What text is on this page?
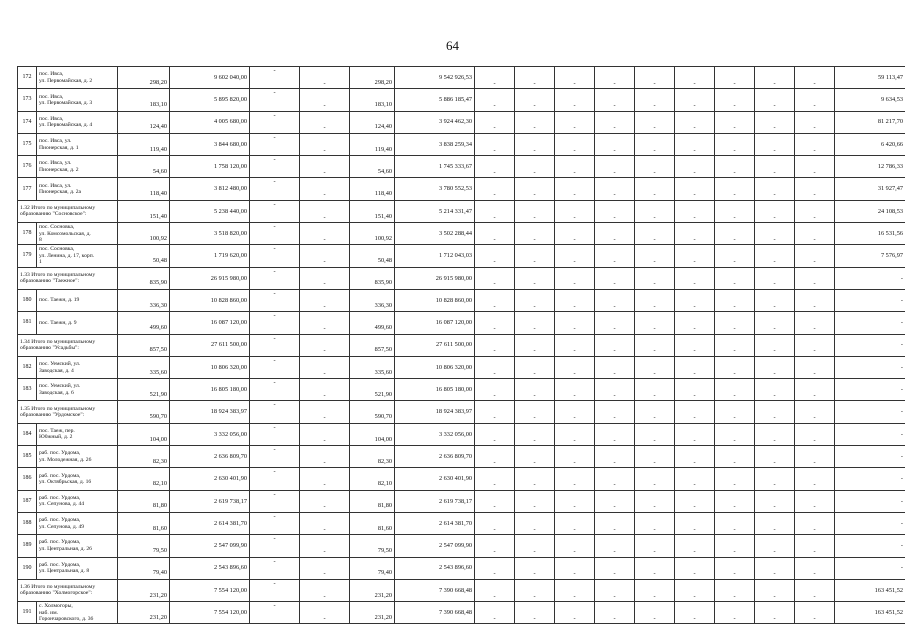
64
172	пос. Ивса,
ул. Первомайская, д. 2	298,20	9 602 040,00	-	-	298,20	9 542 926,53	-	-	-	-	-	-	-	-	-	59 113,47
173	пос. Ивса,
ул. Первомайская, д. 3	183,10	5 895 820,00	-	-	183,10	5 886 185,47	-	-	-	-	-	-	-	-	-	9 634,53
174	пос. Ивса,
ул. Первомайская, д. 4	124,40	4 005 680,00	-	-	124,40	3 924 462,30	-	-	-	-	-	-	-	-	-	81 217,70
175	пос. Ивса, ул.
Пионерская, д. 1	119,40	3 844 680,00	-	-	119,40	3 838 259,34	-	-	-	-	-	-	-	-	-	6 420,66
176	пос. Ивса, ул.
Пионерская, д. 2	54,60	1 758 120,00	-	-	54,60	1 745 333,67	-	-	-	-	-	-	-	-	-	12 786,33
177	пос. Ивса, ул.
Пионерская, д. 2а	118,40	3 812 480,00	-	-	118,40	3 780 552,53	-	-	-	-	-	-	-	-	-	31 927,47

1.32 Итого по муниципальному
образованию "Сосновское":		151,40	5 238 440,00	-	-	151,40	5 214 331,47	-	-	-	-	-	-	-	-	-	24 108,53
178	пос. Сосновка,
ул. Комсомольская, д.
8	100,92	3 518 820,00	-	-	100,92	3 502 288,44	-	-	-	-	-	-	-	-	-	16 531,56
179	пос. Сосновка,
ул. Ленина, д. 17, корп.
1	50,48	1 719 620,00	-	-	50,48	1 712 043,03	-	-	-	-	-	-	-	-	-	7 576,97

1.33 Итого по муниципальному
образованию "Таежное":		835,90	26 915 980,00	-	-	835,90	26 915 980,00	-	-	-	-	-	-	-	-	-	-
180	пос. Таежн, д. 19	336,30	10 828 860,00	-	-	336,30	10 828 860,00	-	-	-	-	-	-	-	-	-	-
181	пос. Таежн, д. 9	499,60	16 087 120,00	-	-	499,60	16 087 120,00	-	-	-	-	-	-	-	-	-	-

1.34 Итого по муниципальному
образованию "Усадьбы":		857,50	27 611 500,00	-	-	857,50	27 611 500,00	-	-	-	-	-	-	-	-	-	-
182	пос. Уемский, ул.
Заводская, д. 4	335,60	10 806 320,00	-	-	335,60	10 806 320,00	-	-	-	-	-	-	-	-	-	-
183	пос. Уемский, ул.
Заводская, д. 6	521,90	16 805 180,00	-	-	521,90	16 805 180,00	-	-	-	-	-	-	-	-	-	-

1.35 Итого по муниципальному
образованию "Урдомское":		590,70	18 924 383,97	-	-	590,70	18 924 383,97	-	-	-	-	-	-	-	-	-	-
184	пос. Таеж, пер.
Ю0жный, д. 2	104,00	3 332 056,00	-	-	104,00	3 332 056,00	-	-	-	-	-	-	-	-	-	-
185	раб. пос. Урдома,
ул. Молодежная, д. 26	82,30	2 636 809,70	-	-	82,30	2 636 809,70	-	-	-	-	-	-	-	-	-	-
186	раб. пос. Урдома,
ул. Октябрьская, д. 16	82,10	2 630 401,90	-	-	82,10	2 630 401,90	-	-	-	-	-	-	-	-	-	-
187	раб. пос. Урдома,
ул. Сепунова, д. 44	81,80	2 619 738,17	-	-	81,80	2 619 738,17	-	-	-	-	-	-	-	-	-	-
188	раб. пос. Урдома,
ул. Сепунова, д. 49	81,60	2 614 381,70	-	-	81,60	2 614 381,70	-	-	-	-	-	-	-	-	-	-
189	раб. пос. Урдома,
ул. Центральная, д. 26	79,50	2 547 099,90	-	-	79,50	2 547 099,90	-	-	-	-	-	-	-	-	-	-
190	раб. пос. Урдома,
ул. Центральная, д. 8	79,40	2 543 896,60	-	-	79,40	2 543 896,60	-	-	-	-	-	-	-	-	-	-

1.36 Итого по муниципальному
образованию "Холмогорское":		231,20	7 554 120,00	-	-	231,20	7 390 668,48	-	-	-	-	-	-	-	-	-	163 451,52
191	с. Холмогоры,
наб. им.
Горончаровского, д. 36	231,20	7 554 120,00	-	-	231,20	7 390 668,48	-	-	-	-	-	-	-	-	-	163 451,52
